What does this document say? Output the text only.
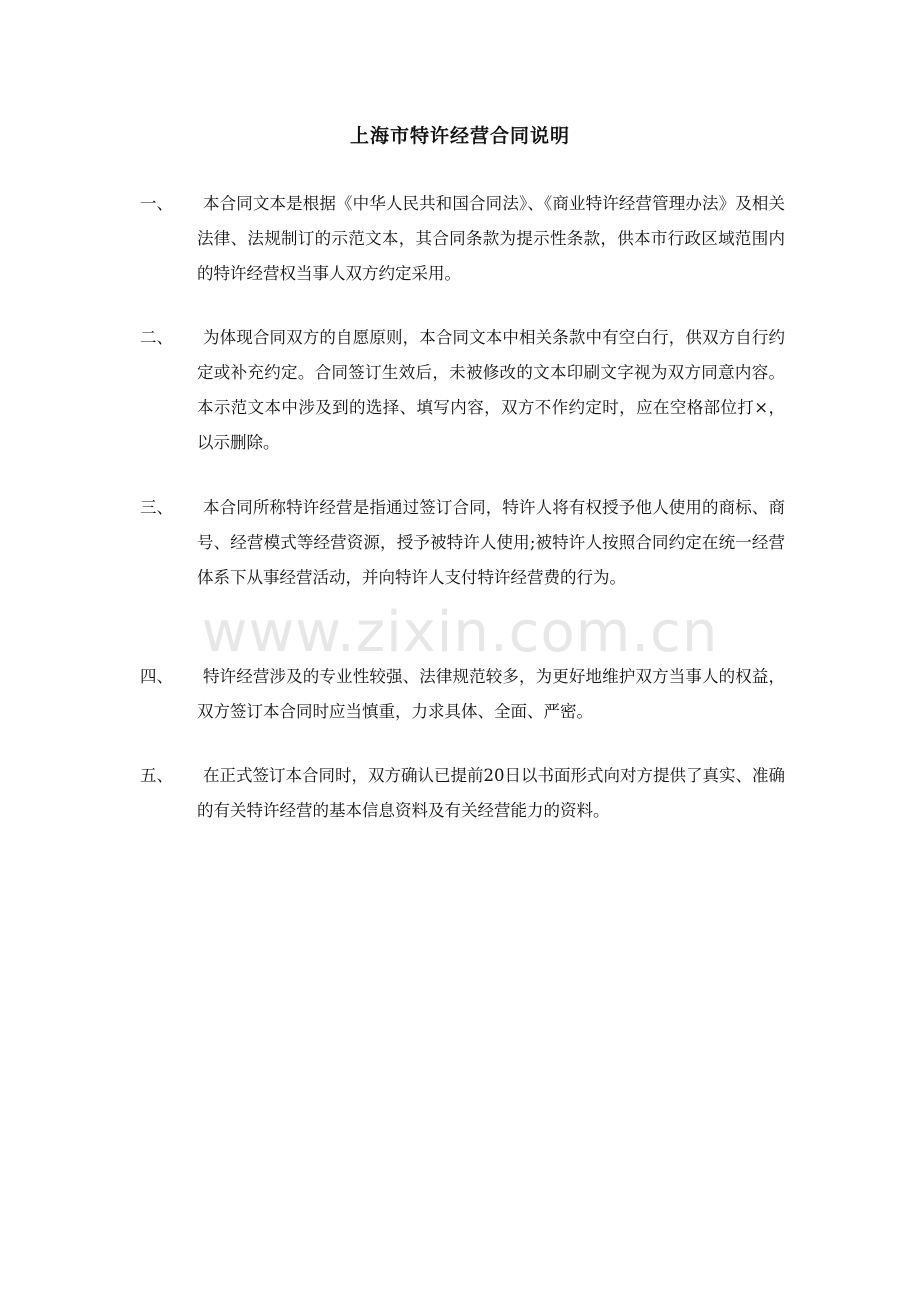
上海市特许经营合同说明
一、	本合同文本是根据《中华人民共和国合同法》、《商业特许经营管理办法》及相关法律、法规制订的示范文本，其合同条款为提示性条款，供本市行政区域范围内的特许经营权当事人双方约定采用。
二、	为体现合同双方的自愿原则，本合同文本中相关条款中有空白行，供双方自行约定或补充约定。合同签订生效后，未被修改的文本印刷文字视为双方同意内容。本示范文本中涉及到的选择、填写内容，双方不作约定时，应在空格部位打×，以示删除。
三、	本合同所称特许经营是指通过签订合同，特许人将有权授予他人使用的商标、商号、经营模式等经营资源，授予被特许人使用;被特许人按照合同约定在统一经营体系下从事经营活动，并向特许人支付特许经营费的行为。
www.zixin.com.cn
四、	特许经营涉及的专业性较强、法律规范较多，为更好地维护双方当事人的权益，双方签订本合同时应当慎重，力求具体、全面、严密。
五、	在正式签订本合同时，双方确认已提前20日以书面形式向对方提供了真实、准确的有关特许经营的基本信息资料及有关经营能力的资料。
